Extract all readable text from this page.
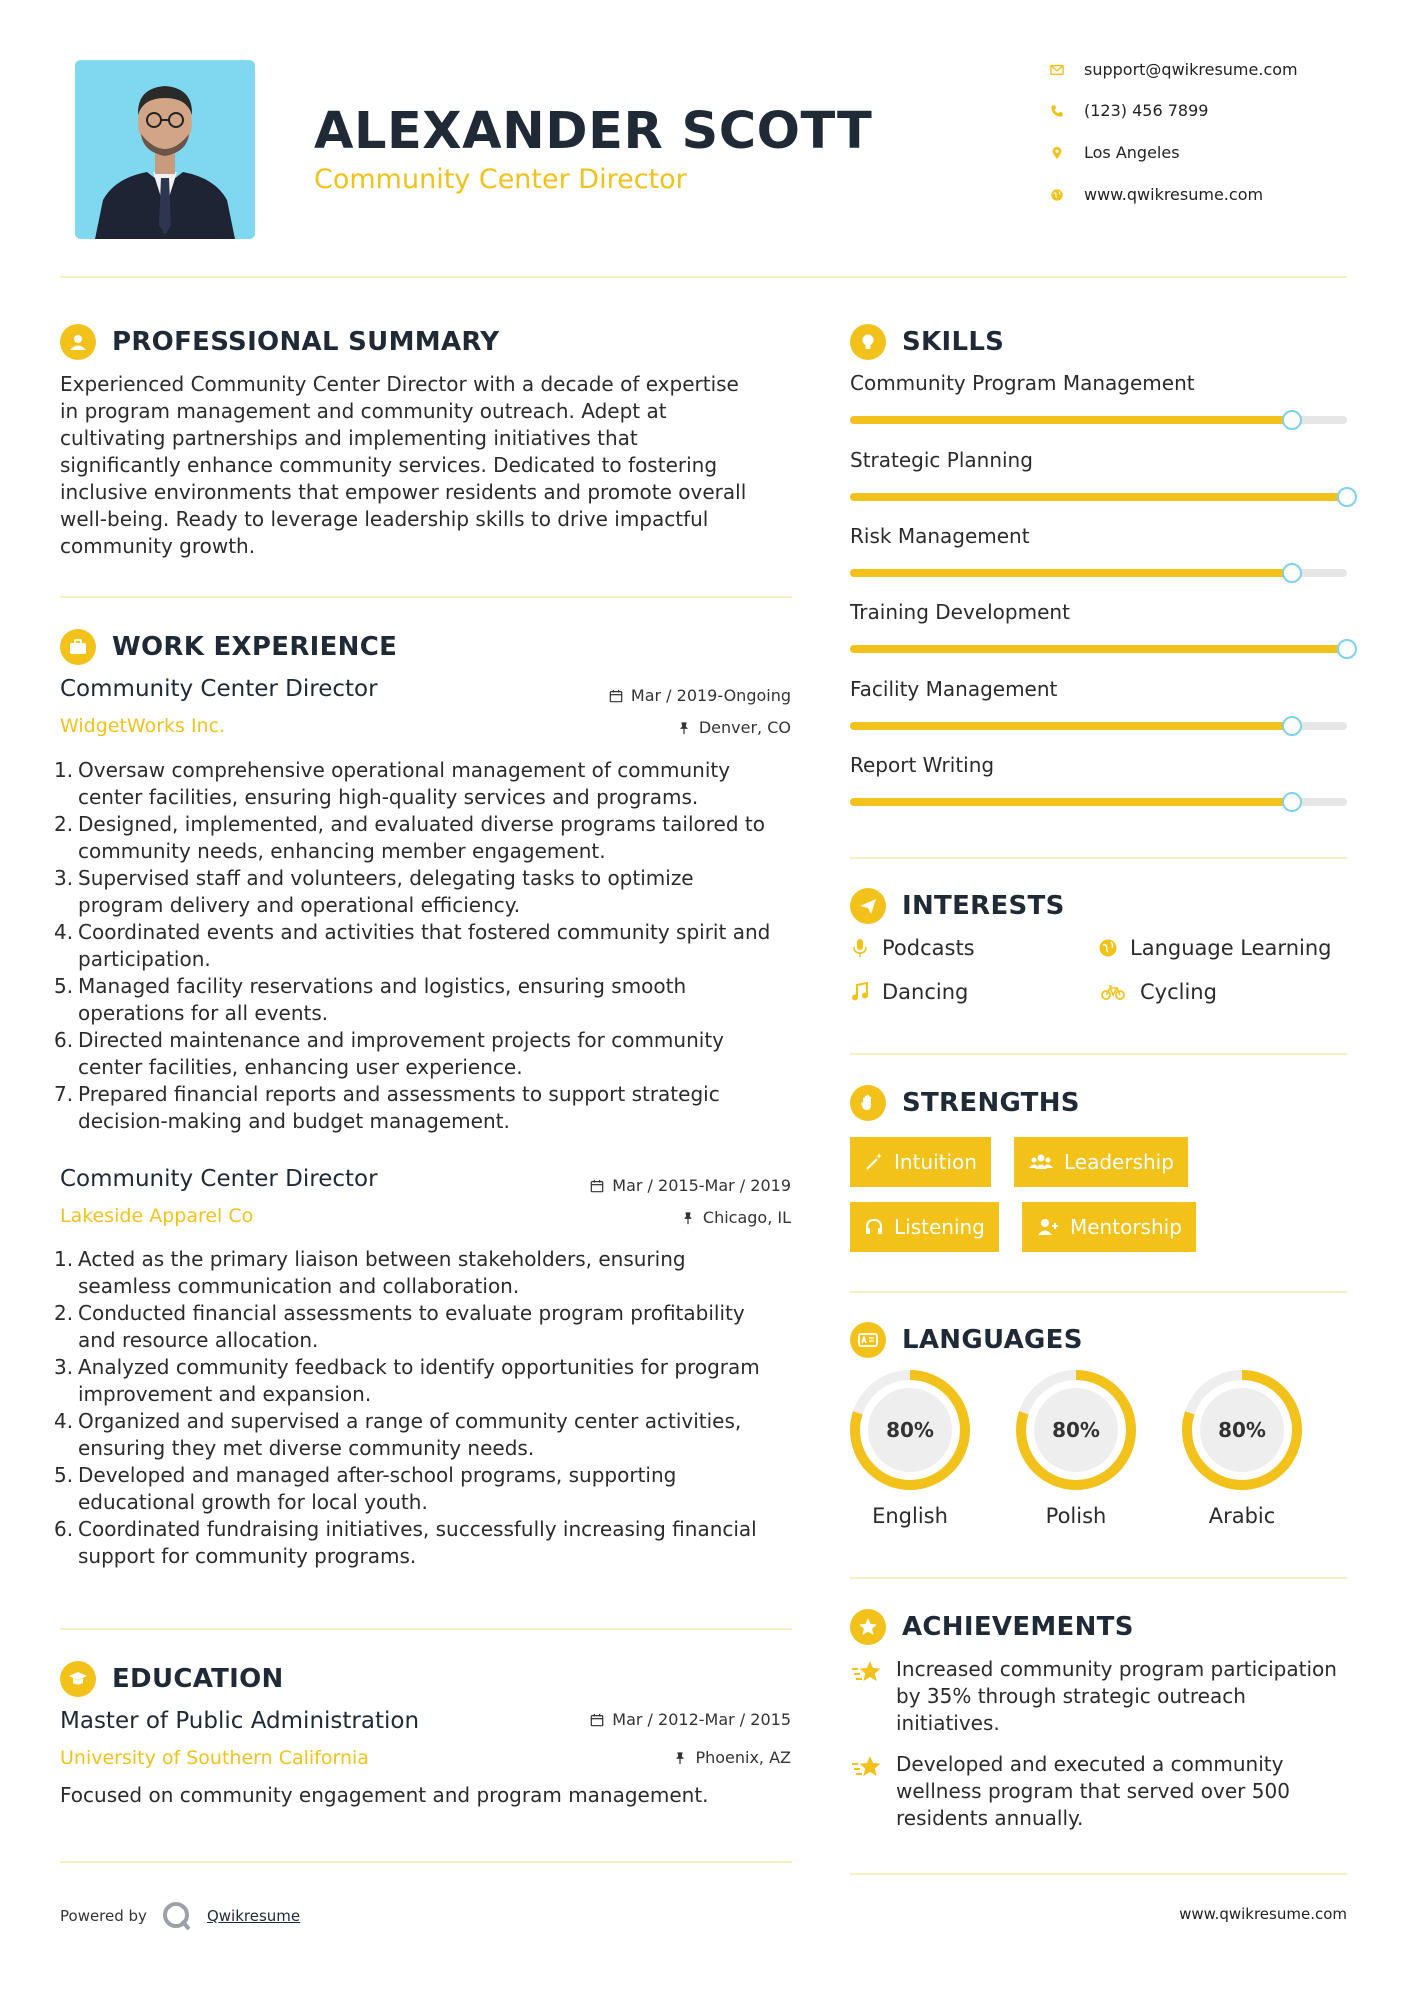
ALEXANDER SCOTT
Community Center Director
support@qwikresume.com
(123) 456 7899
Los Angeles
www.qwikresume.com
PROFESSIONAL SUMMARY
Experienced Community Center Director with a decade of expertise
in program management and community outreach. Adept at
cultivating partnerships and implementing initiatives that
significantly enhance community services. Dedicated to fostering
inclusive environments that empower residents and promote overall
well-being. Ready to leverage leadership skills to drive impactful
community growth.
WORK EXPERIENCE
Community Center Director	Mar / 2019-Ongoing
WidgetWorks Inc.	Denver, CO
Oversaw comprehensive operational management of community center facilities, ensuring high-quality services and programs.
Designed, implemented, and evaluated diverse programs tailored to community needs, enhancing member engagement.
Supervised staff and volunteers, delegating tasks to optimize program delivery and operational efficiency.
Coordinated events and activities that fostered community spirit and participation.
Managed facility reservations and logistics, ensuring smooth operations for all events.
Directed maintenance and improvement projects for community center facilities, enhancing user experience.
Prepared financial reports and assessments to support strategic decision-making and budget management.
Community Center Director	Mar / 2015-Mar / 2019
Lakeside Apparel Co	Chicago, IL
Acted as the primary liaison between stakeholders, ensuring seamless communication and collaboration.
Conducted financial assessments to evaluate program profitability and resource allocation.
Analyzed community feedback to identify opportunities for program improvement and expansion.
Organized and supervised a range of community center activities, ensuring they met diverse community needs.
Developed and managed after-school programs, supporting educational growth for local youth.
Coordinated fundraising initiatives, successfully increasing financial support for community programs.
EDUCATION
Master of Public Administration	Mar / 2012-Mar / 2015
University of Southern California	Phoenix, AZ
Focused on community engagement and program management.
SKILLS
Community Program Management
Strategic Planning
Risk Management
Training Development
Facility Management
Report Writing
INTERESTS
Podcasts	Language Learning
Dancing	Cycling
STRENGTHS
Intuition	Leadership
Listening	Mentorship
LANGUAGES
80%
English
80%
Polish
80%
Arabic
ACHIEVEMENTS
Increased community program participation by 35% through strategic outreach initiatives.
Developed and executed a community wellness program that served over 500 residents annually.
Powered by	Qwikresume	www.qwikresume.com
